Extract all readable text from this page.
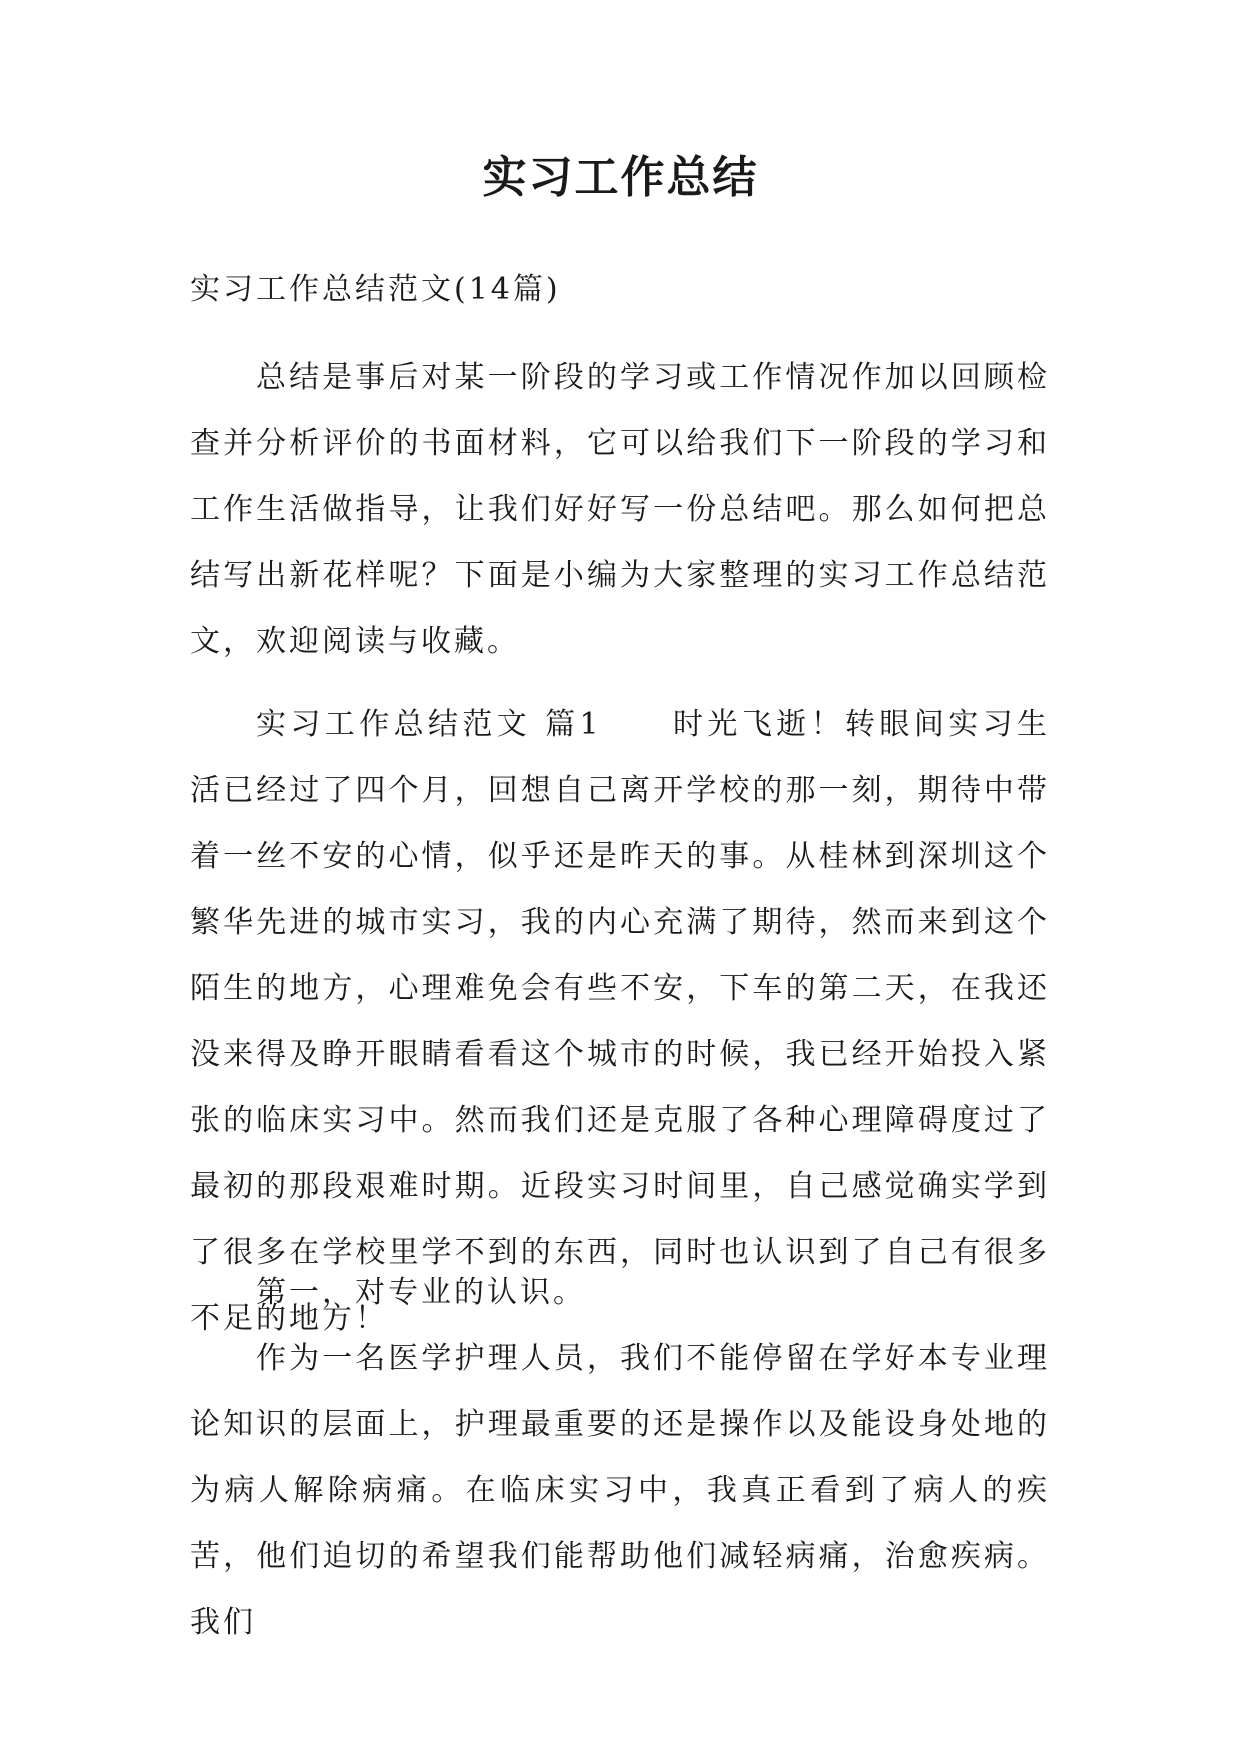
实习工作总结

实习工作总结范文(14篇)

总结是事后对某一阶段的学习或工作情况作加以回顾检查并分析评价的书面材料，它可以给我们下一阶段的学习和工作生活做指导，让我们好好写一份总结吧。那么如何把总结写出新花样呢？下面是小编为大家整理的实习工作总结范文，欢迎阅读与收藏。

实习工作总结范文 篇1 时光飞逝！转眼间实习生活已经过了四个月，回想自己离开学校的那一刻，期待中带着一丝不安的心情，似乎还是昨天的事。从桂林到深圳这个繁华先进的城市实习，我的内心充满了期待，然而来到这个陌生的地方，心理难免会有些不安，下车的第二天，在我还没来得及睁开眼睛看看这个城市的时候，我已经开始投入紧张的临床实习中。然而我们还是克服了各种心理障碍度过了最初的那段艰难时期。近段实习时间里，自己感觉确实学到了很多在学校里学不到的东西，同时也认识到了自己有很多不足的地方！

第一，对专业的认识。

作为一名医学护理人员，我们不能停留在学好本专业理论知识的层面上，护理最重要的还是操作以及能设身处地的为病人解除病痛。在临床实习中，我真正看到了病人的疾苦，他们迫切的希望我们能帮助他们减轻病痛，治愈疾病。我们
